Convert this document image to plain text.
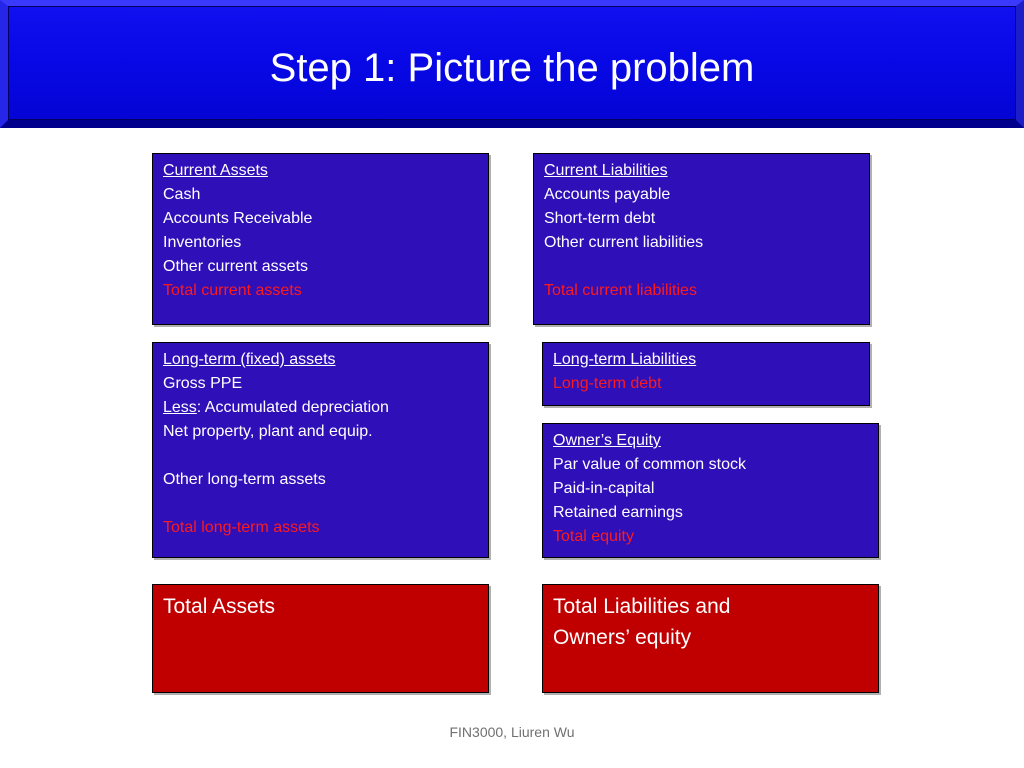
Step 1: Picture the problem
Current Assets
Cash
Accounts Receivable
Inventories
Other current assets
Total current assets
Current Liabilities
Accounts payable
Short-term debt
Other current liabilities
Total current liabilities
Long-term (fixed) assets
Gross PPE
Less: Accumulated depreciation
Net property, plant and equip.
Other long-term assets
Total long-term assets
Long-term Liabilities
Long-term debt
Owner’s Equity
Par value of common stock
Paid-in-capital
Retained earnings
Total equity
Total Assets	Total Liabilities and
Owners’ equity
FIN3000, Liuren Wu
